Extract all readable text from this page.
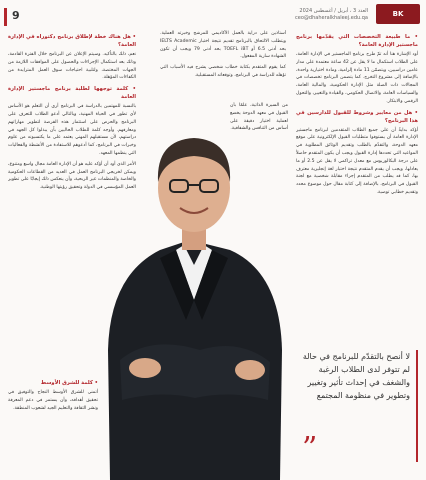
9	العدد 3 ، أبريل / أغسطس 2024
ceo@dhaheralkhaleej.edu.qa	BK
• ما طبيعة التخصصات التي يقدّمها برنامج ماجستير الإدارة العامة؟

أود الإشارة هنا أنه تمّ طرح برنامج الماجستير في الإدارة العامة، على الطلاب استكمال ما لا يقل عن 42 ساعة معتمدة على مدار عامين دراسيين، ويتضمّن 11 مادة إلزامية، ومادة اختيارية واحدة، بالإضافة إلى مشروع التخرج. كما يتضمن البرنامج تخصصات في المجالات ذات الصلة مثل الإدارة الحكومية، والمالية العامة، والسياسات العامة، والاتصال الحكومي، والقيادة والتغيير، والتحول الرقمي والابتكار.

• هل من معايير وشروط للقبول للدارسين في هذا البرنامج؟

أؤكد بدايةً أن على جميع الطلاب المتقدمين لبرنامج ماجستير الإدارة العامة أن يستوفوا متطلبات القبول الإلكترونية على موقع معهد الدوحة، والتقدّم بالطلب وتقديم الوثائق المطلوبة في المواعيد التي تحددها إدارة القبول ويجب أن يكون المتقدم حاصلاً على درجة البكالوريوس مع معدل تراكمي لا يقل عن 2.5 أو ما يعادلها، ويجب أن يقدم المتقدم نتيجة اختبار لغة إنجليزية معترف بها، كما قد يطلب من المتقدم إجراء مقابلة شخصية مع لجنة القبول في البرنامج، بالإضافة إلى كتابة مقال حول موضوع محدد وتقديم خطابي توصية.

أستاذين على دراية بالعمل الأكاديمي للمرشح وخبرته العملية. ويتطلب الالتحاق بالبرنامج تقديم نتيجة اختبار IELTS Academic بحد أدنى 6.5 أو TOEFL iBT بحد أدنى 79 ويجب أن تكون الشهادة سارية المفعول.

كما يقوم المتقدم بكتابة خطاب شخصي يشرح فيه الأسباب التي تؤهله للدراسة في البرنامج، وتوقعاته المستقبلية.

من السيرة الذاتية، علمًا بأن القبول في معهد الدوحة يخضع لعملية اختيار دقيقة على أساس من التنافس والشفافية.

• هل هناك خطة لإطلاق برنامج دكتوراه في الإدارة العامة؟

نعم، ذلك بالتأكيد. وسيتم الإعلان عن البرنامج خلال الفترة القادمة، وذلك بعد استكمال الإجراءات والحصول على الموافقات اللازمة من الجهات المختصة، ولتلبية احتياجات سوق العمل المتزايدة من الكفاءات المؤهلة.

• كلمة توجهها لطلبة برنامج ماجستير الإدارة العامة

بالنسبة للمهتمين بالدراسة في البرنامج أرى أن التعلم هو الأساس لأي تطور في الحياة المهنية، وبالتالي أدعو الطلاب للتعرف على البرنامج والحرص على استثمار هذه الفرصة لتطوير مهاراتهم ومعارفهم. وأوجه كلمة للطلاب الحاليين بأن يبذلوا كل الجهد في دراستهم، لأن مستقبلهم المهني يعتمد على ما يكتسبونه من علوم وخبرات في البرنامج، كما أدعوهم للاستفادة من الأنشطة والفعاليات التي ينظمها المعهد.

الأمر الذي أود أن أؤكد عليه هو أن الإدارة العامة مجال واسع ومتنوع، ويمكن لخريجي البرنامج العمل في العديد من القطاعات الحكومية والخاصة والمنظمات غير الربحية، وأن ينعكس ذلك إيجابًا على تطوير العمل المؤسسي في الدولة وتحقيق رؤيتها الوطنية.

• كلمة للشرق الأوسط

أتمنى للشرق الأوسط النجاح والتوفيق في تحقيق أهدافه، وأن يستمر في دعم المعرفة ونشر الثقافة والتعليم الجيد لشعوب المنطقة.

لا أنصح بالتقدّم للبرنامج في حالة لم تتوفر لدى الطلاب الرغبة والشغف في إحداث تأثير وتغيير وتطوير في منظومة المجتمع
”
